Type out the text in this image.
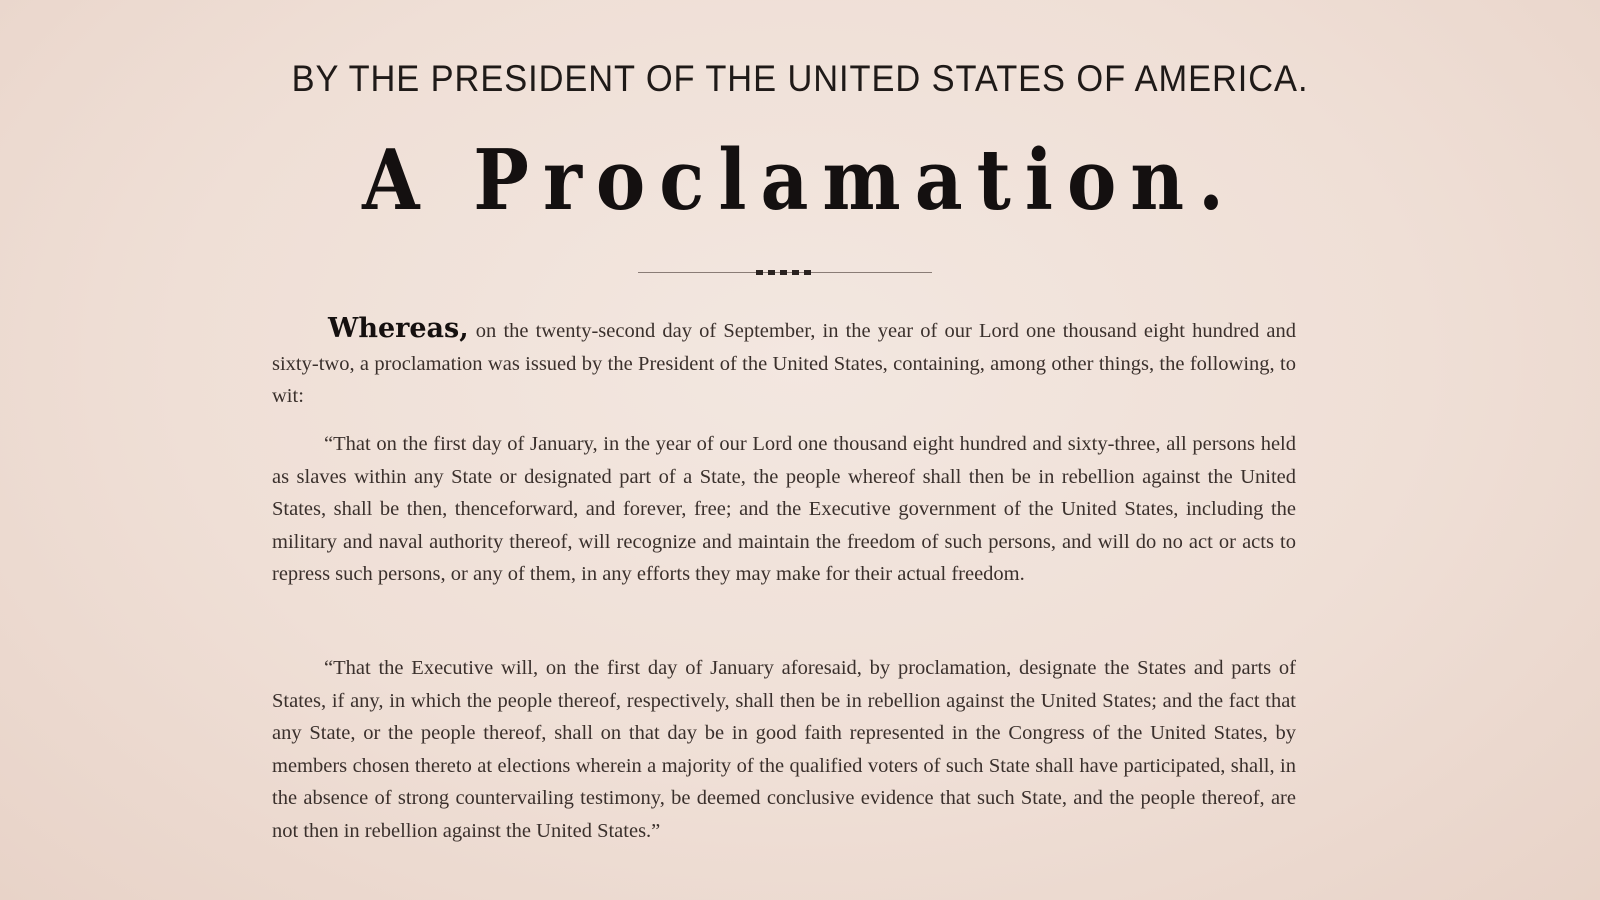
BY THE PRESIDENT OF THE UNITED STATES OF AMERICA.
A Proclamation.
Whereas, on the twenty-second day of September, in the year of our Lord one thousand eight hundred and sixty-two, a proclamation was issued by the President of the United States, containing, among other things, the following, to wit:
“That on the first day of January, in the year of our Lord one thousand eight hundred and sixty-three, all persons held as slaves within any State or designated part of a State, the people whereof shall then be in rebellion against the United States, shall be then, thenceforward, and forever, free; and the Executive government of the United States, including the military and naval authority thereof, will recognize and maintain the freedom of such persons, and will do no act or acts to repress such persons, or any of them, in any efforts they may make for their actual freedom.
“That the Executive will, on the first day of January aforesaid, by proclamation, designate the States and parts of States, if any, in which the people thereof, respectively, shall then be in rebellion against the United States; and the fact that any State, or the people thereof, shall on that day be in good faith represented in the Congress of the United States, by members chosen thereto at elections wherein a majority of the qualified voters of such State shall have participated, shall, in the absence of strong countervailing testimony, be deemed conclusive evidence that such State, and the people thereof, are not then in rebellion against the United States.”
